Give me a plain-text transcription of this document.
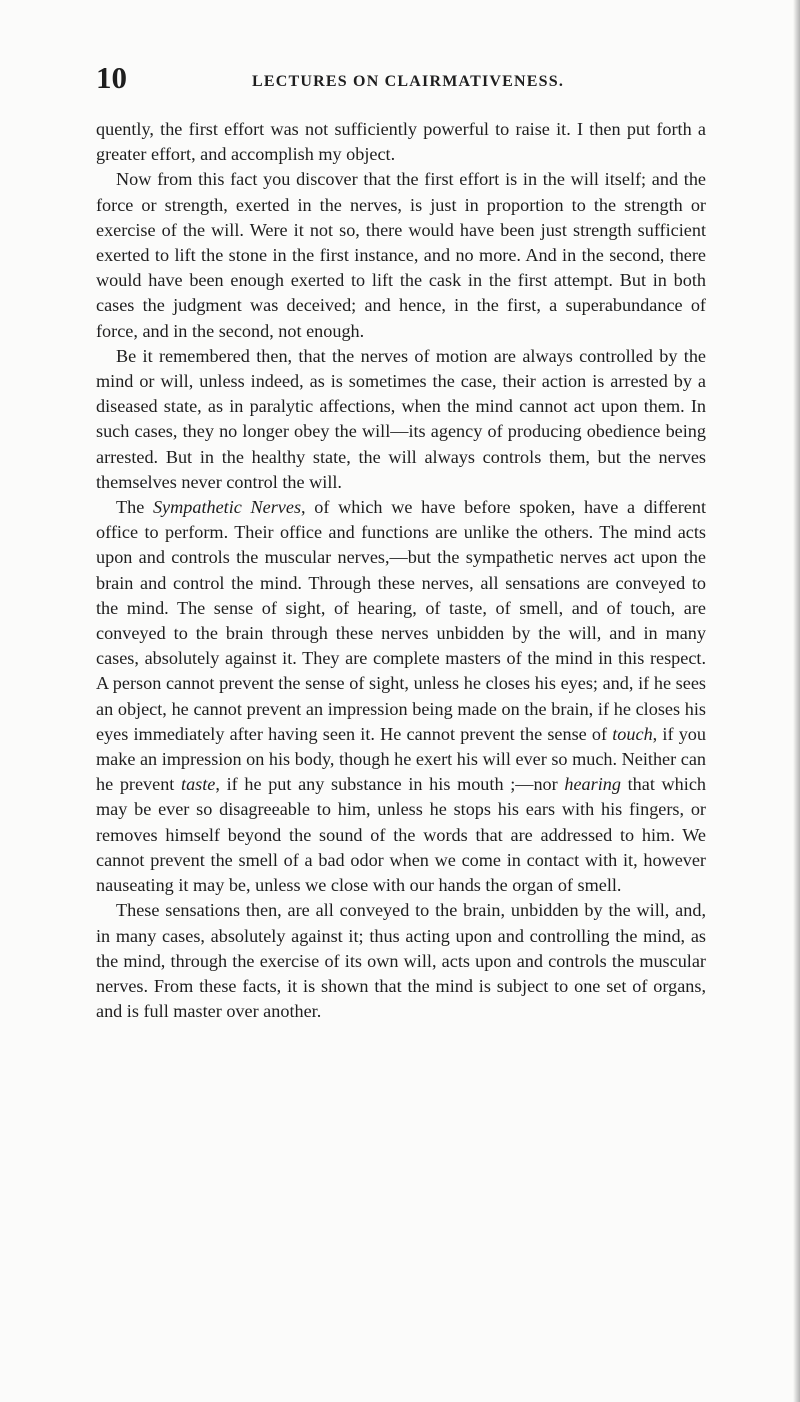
10	LECTURES ON CLAIRMATIVENESS.

quently, the first effort was not sufficiently powerful to raise it. I then put forth a greater effort, and accomplish my object.

Now from this fact you discover that the first effort is in the will itself; and the force or strength, exerted in the nerves, is just in proportion to the strength or exercise of the will. Were it not so, there would have been just strength sufficient exerted to lift the stone in the first instance, and no more. And in the second, there would have been enough exerted to lift the cask in the first attempt. But in both cases the judgment was deceived; and hence, in the first, a superabundance of force, and in the second, not enough.

Be it remembered then, that the nerves of motion are always controlled by the mind or will, unless indeed, as is sometimes the case, their action is arrested by a diseased state, as in paralytic affections, when the mind cannot act upon them. In such cases, they no longer obey the will—its agency of producing obedience being arrested. But in the healthy state, the will always controls them, but the nerves themselves never control the will.

The Sympathetic Nerves, of which we have before spoken, have a different office to perform. Their office and functions are unlike the others. The mind acts upon and controls the muscular nerves,—but the sympathetic nerves act upon the brain and control the mind. Through these nerves, all sensations are conveyed to the mind. The sense of sight, of hearing, of taste, of smell, and of touch, are conveyed to the brain through these nerves unbidden by the will, and in many cases, absolutely against it. They are complete masters of the mind in this respect. A person cannot prevent the sense of sight, unless he closes his eyes; and, if he sees an object, he cannot prevent an impression being made on the brain, if he closes his eyes immediately after having seen it. He cannot prevent the sense of touch, if you make an impression on his body, though he exert his will ever so much. Neither can he prevent taste, if he put any substance in his mouth ;—nor hearing that which may be ever so disagreeable to him, unless he stops his ears with his fingers, or removes himself beyond the sound of the words that are addressed to him. We cannot prevent the smell of a bad odor when we come in contact with it, however nauseating it may be, unless we close with our hands the organ of smell.

These sensations then, are all conveyed to the brain, unbidden by the will, and, in many cases, absolutely against it; thus acting upon and controlling the mind, as the mind, through the exercise of its own will, acts upon and controls the muscular nerves. From these facts, it is shown that the mind is subject to one set of organs, and is full master over another.
